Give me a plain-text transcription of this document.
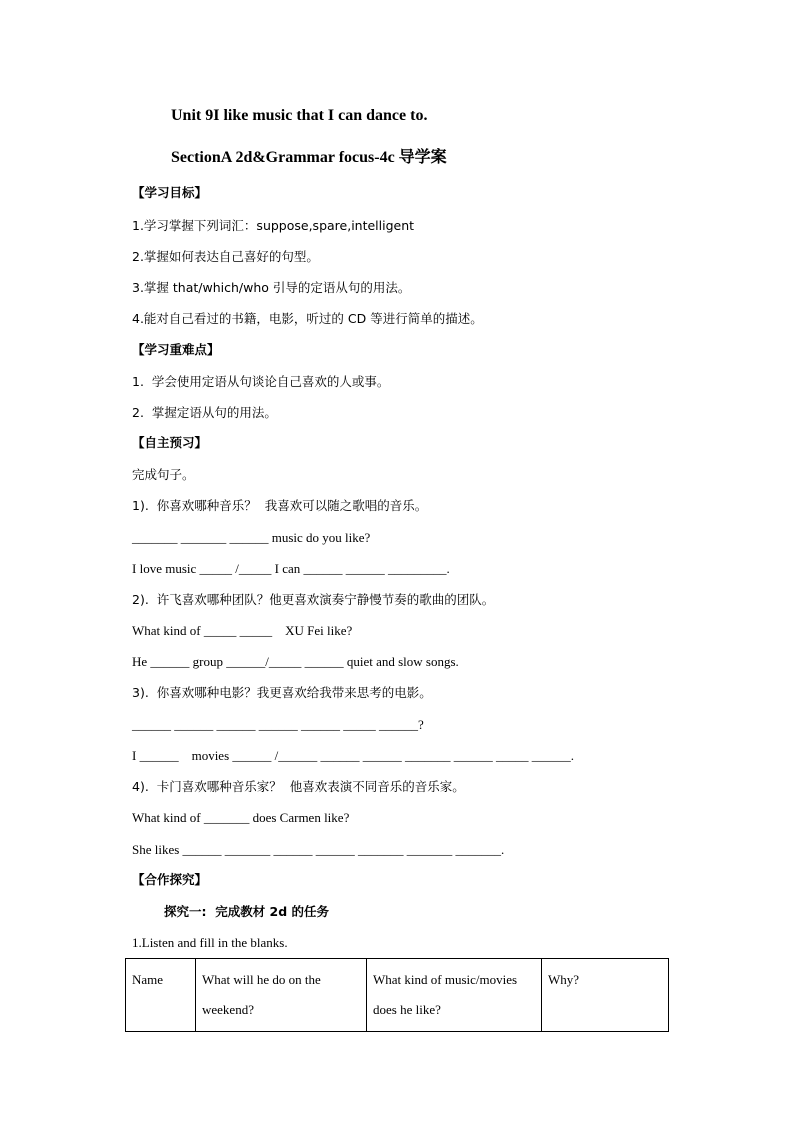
Unit 9I like music that I can dance to.
SectionA 2d&Grammar focus-4c 导学案
【学习目标】
1.学习掌握下列词汇：suppose,spare,intelligent
2.掌握如何表达自己喜好的句型。
3.掌握 that/which/who 引导的定语从句的用法。
4.能对自己看过的书籍，电影，听过的 CD 等进行简单的描述。
【学习重难点】
1.  学会使用定语从句谈论自己喜欢的人或事。
2.  掌握定语从句的用法。
【自主预习】
完成句子。
1).  你喜欢哪种音乐？  我喜欢可以随之歌唱的音乐。
_______ _______ ______ music do you like?
I love music _____ /_____ I can ______ ______ _________.
2).  许飞喜欢哪种团队？他更喜欢演奏宁静慢节奏的歌曲的团队。
What kind of _____ _____    XU Fei like?
He ______ group ______/_____ ______ quiet and slow songs.
3).  你喜欢哪种电影？我更喜欢给我带来思考的电影。
______ ______ ______ ______ ______ _____ ______?
I ______    movies ______ /______ ______ ______ _______ ______ _____ ______.
4).  卡门喜欢哪种音乐家？  他喜欢表演不同音乐的音乐家。
What kind of _______ does Carmen like?
She likes ______ _______ ______ ______ _______ _______ _______.
【合作探究】
探究一:  完成教材 2d 的任务
1.Listen and fill in the blanks.
Name	What will he do on the weekend?	What kind of music/movies does he like?	Why?
